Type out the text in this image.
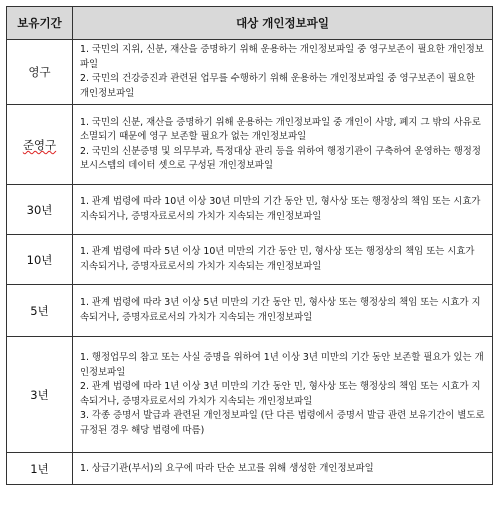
보유기간	대상 개인정보파일
영구	1. 국민의 지위, 신분, 재산을 증명하기 위해 운용하는 개인정보파일 중 영구보존이 필요한 개인정보파일
2. 국민의 건강증진과 관련된 업무를 수행하기 위해 운용하는 개인정보파일 중 영구보존이 필요한 개인정보파일

준영구	1. 국민의 신분, 재산을 증명하기 위해 운용하는 개인정보파일 중 개인이 사망, 폐지 그 밖의 사유로 소멸되기 때문에 영구 보존할 필요가 없는 개인정보파일
2. 국민의 신분증명 및 의무부과, 특정대상 관리 등을 위하여 행정기관이 구축하여 운영하는 행정정보시스템의 데이터 셋으로 구성된 개인정보파일

30년	1. 관계 법령에 따라 10년 이상 30년 미만의 기간 동안 민, 형사상 또는 행정상의 책임 또는 시효가 지속되거나, 증명자료로서의 가치가 지속되는 개인정보파일

10년	1. 관계 법령에 따라 5년 이상 10년 미만의 기간 동안 민, 형사상 또는 행정상의 책임 또는 시효가 지속되거나, 증명자료로서의 가치가 지속되는 개인정보파일

5년	1. 관계 법령에 따라 3년 이상 5년 미만의 기간 동안 민, 형사상 또는 행정상의 책임 또는 시효가 지속되거나, 증명자료로서의 가치가 지속되는 개인정보파일

3년	1. 행정업무의 참고 또는 사실 증명을 위하여 1년 이상 3년 미만의 기간 동안 보존할 필요가 있는 개인정보파일
2. 관계 법령에 따라 1년 이상 3년 미만의 기간 동안 민, 형사상 또는 행정상의 책임 또는 시효가 지속되거나, 증명자료로서의 가치가 지속되는 개인정보파일
3. 각종 증명서 발급과 관련된 개인정보파일 (단 다른 법령에서 증명서 발급 관련 보유기간이 별도로 규정된 경우 해당 법령에 따름)

1년	1. 상급기관(부서)의 요구에 따라 단순 보고를 위해 생성한 개인정보파일
